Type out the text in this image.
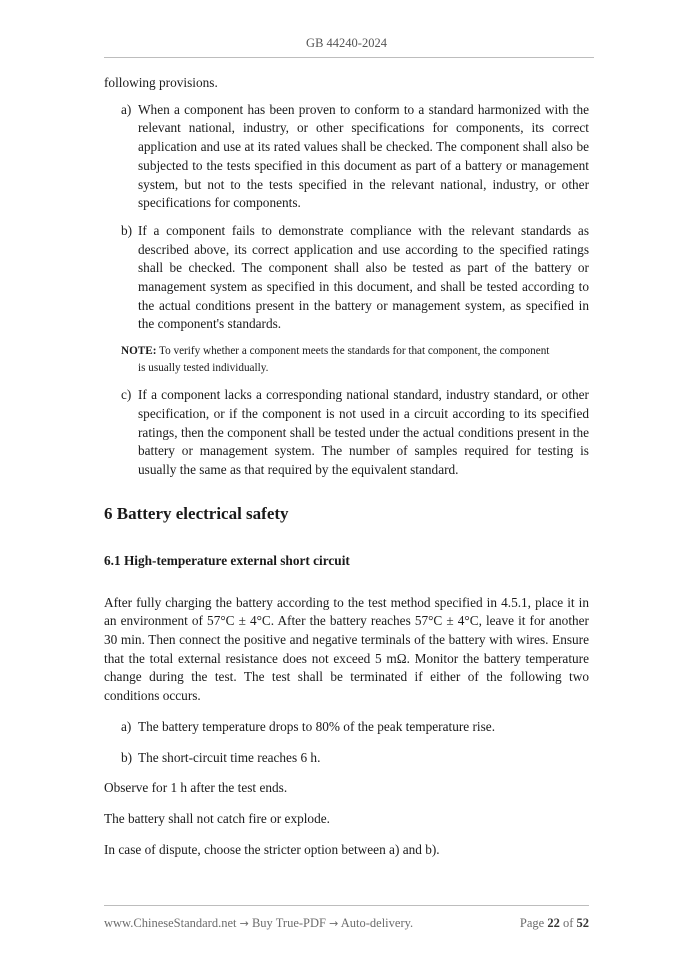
GB 44240-2024

following provisions.

a) When a component has been proven to conform to a standard harmonized with the relevant national, industry, or other specifications for components, its correct application and use at its rated values shall be checked. The component shall also be subjected to the tests specified in this document as part of a battery or management system, but not to the tests specified in the relevant national, industry, or other specifications for components.
b) If a component fails to demonstrate compliance with the relevant standards as described above, its correct application and use according to the specified ratings shall be checked. The component shall also be tested as part of the battery or management system as specified in this document, and shall be tested according to the actual conditions present in the battery or management system, as specified in the component's standards.
NOTE: To verify whether a component meets the standards for that component, the component
is usually tested individually.
c) If a component lacks a corresponding national standard, industry standard, or other specification, or if the component is not used in a circuit according to its specified ratings, then the component shall be tested under the actual conditions present in the battery or management system. The number of samples required for testing is usually the same as that required by the equivalent standard.
6 Battery electrical safety
6.1 High-temperature external short circuit

After fully charging the battery according to the test method specified in 4.5.1, place it in an environment of 57°C ± 4°C. After the battery reaches 57°C ± 4°C, leave it for another 30 min. Then connect the positive and negative terminals of the battery with wires. Ensure that the total external resistance does not exceed 5 mΩ. Monitor the battery temperature change during the test. The test shall be terminated if either of the following two conditions occurs.

a) The battery temperature drops to 80% of the peak temperature rise.
b) The short-circuit time reaches 6 h.

Observe for 1 h after the test ends.

The battery shall not catch fire or explode.

In case of dispute, choose the stricter option between a) and b).

www.ChineseStandard.net → Buy True-PDF → Auto-delivery.	Page 22 of 52
